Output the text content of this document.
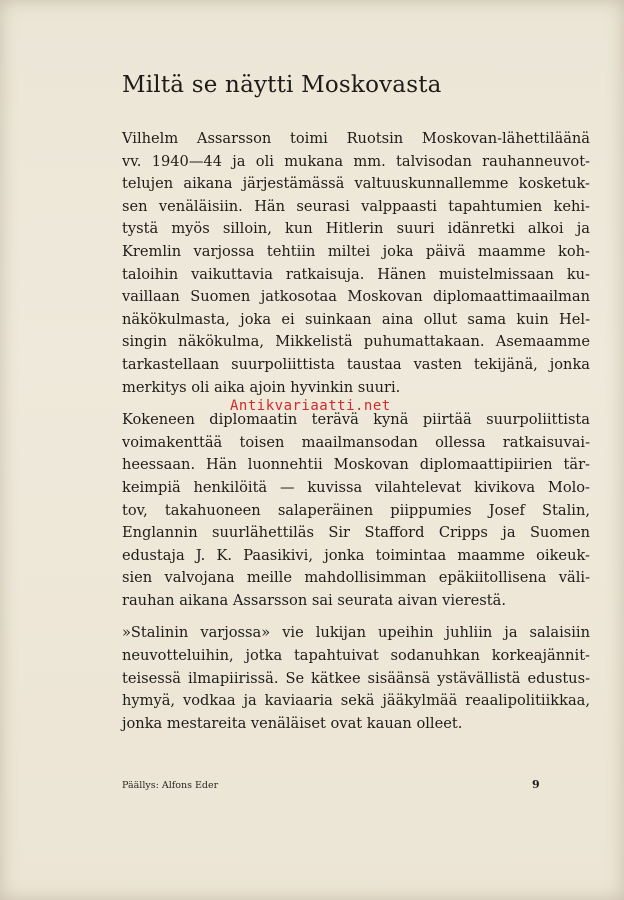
Miltä se näytti Moskovasta

Vilhelm Assarsson toimi Ruotsin Moskovan-lähettiläänä
vv. 1940—44 ja oli mukana mm. talvisodan rauhanneuvot-
telujen aikana järjestämässä valtuuskunnallemme kosketuk-
sen venäläisiin. Hän seurasi valppaasti tapahtumien kehi-
tystä myös silloin, kun Hitlerin suuri idänretki alkoi ja
Kremlin varjossa tehtiin miltei joka päivä maamme koh-
taloihin vaikuttavia ratkaisuja. Hänen muistelmissaan ku-
vaillaan Suomen jatkosotaa Moskovan diplomaattimaailman
näkökulmasta, joka ei suinkaan aina ollut sama kuin Hel-
singin näkökulma, Mikkelistä puhumattakaan. Asemaamme
tarkastellaan suurpoliittista taustaa vasten tekijänä, jonka
merkitys oli aika ajoin hyvinkin suuri.

Kokeneen diplomaatin terävä kynä piirtää suurpoliittista
voimakenttää toisen maailmansodan ollessa ratkaisuvai-
heessaan. Hän luonnehtii Moskovan diplomaattipiirien tär-
keimpiä henkilöitä — kuvissa vilahtelevat kivikova Molo-
tov, takahuoneen salaperäinen piippumies Josef Stalin,
Englannin suurlähettiläs Sir Stafford Cripps ja Suomen
edustaja J. K. Paasikivi, jonka toimintaa maamme oikeuk-
sien valvojana meille mahdollisimman epäkiitollisena väli-
rauhan aikana Assarsson sai seurata aivan vierestä.

»Stalinin varjossa» vie lukijan upeihin juhliin ja salaisiin
neuvotteluihin, jotka tapahtuivat sodanuhkan korkeajännit-
teisessä ilmapiirissä. Se kätkee sisäänsä ystävällistä edustus-
hymyä, vodkaa ja kaviaaria sekä jääkylmää reaalipolitiikkaa,
jonka mestareita venäläiset ovat kauan olleet.

Antikvariaatti.net
Päällys: Alfons Eder	9
